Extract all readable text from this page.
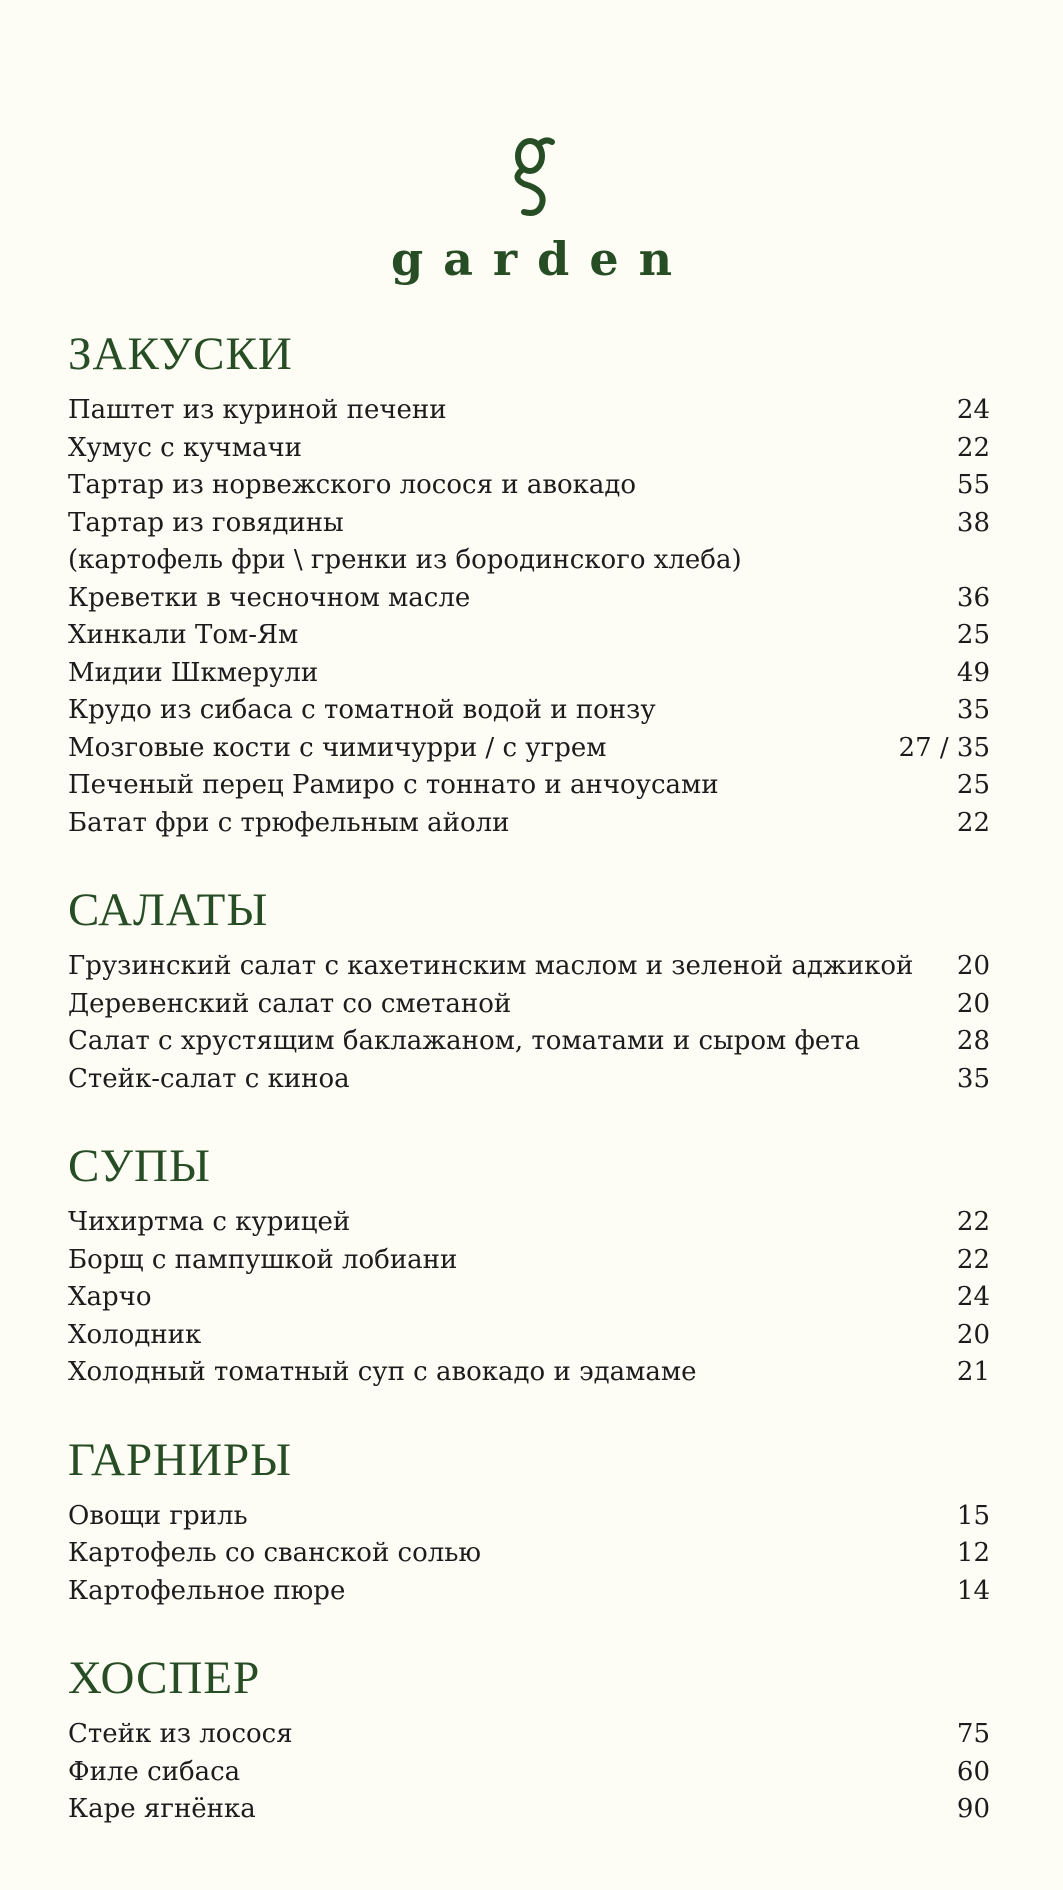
garden
ЗАКУСКИ
Паштет из куриной печени	24
Хумус с кучмачи	22
Тартар из норвежского лосося и авокадо	55
Тартар из говядины	38
(картофель фри \ гренки из бородинского хлеба)
Креветки в чесночном масле	36
Хинкали Том-Ям	25
Мидии Шкмерули	49
Крудо из сибаса с томатной водой и понзу	35
Мозговые кости с чимичурри / с угрем	27 / 35
Печеный перец Рамиро с тоннато и анчоусами	25
Батат фри с трюфельным айоли	22
САЛАТЫ
Грузинский салат с кахетинским маслом и зеленой аджикой	20
Деревенский салат со сметаной	20
Салат с хрустящим баклажаном, томатами и сыром фета	28
Стейк-салат с киноа	35
СУПЫ
Чихиртма с курицей	22
Борщ с пампушкой лобиани	22
Харчо	24
Холодник	20
Холодный томатный суп с авокадо и эдамаме	21
ГАРНИРЫ
Овощи гриль	15
Картофель со сванской солью	12
Картофельное пюре	14
ХОСПЕР
Стейк из лосося	75
Филе сибаса	60
Каре ягнёнка	90
